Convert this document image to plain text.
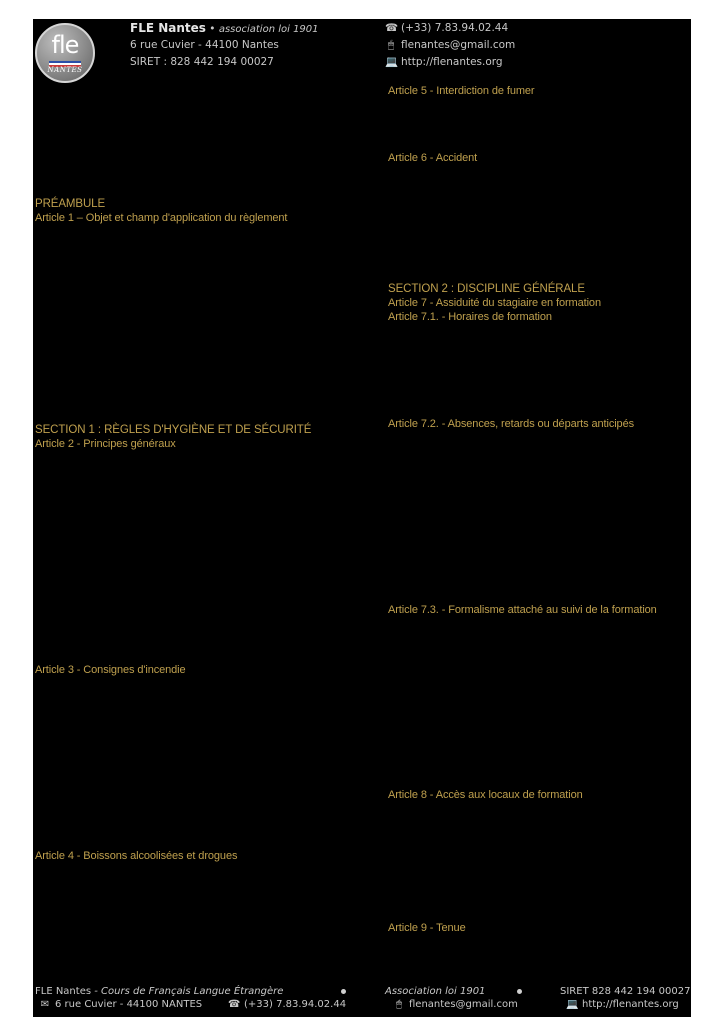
fle
NANTES
FLE Nantes • association loi 1901
6 rue Cuvier - 44100 Nantes
SIRET : 828 442 194 00027
☎ (+33) 7.83.94.02.44
🖱 flenantes@gmail.com
💻 http://flenantes.org
PRÉAMBULE
Article 1 – Objet et champ d'application du règlement
SECTION 1 : RÈGLES D'HYGIÈNE ET DE SÉCURITÉ
Article 2 - Principes généraux
Article 3 - Consignes d'incendie
Article 4 - Boissons alcoolisées et drogues
Article 5 - Interdiction de fumer
Article 6 - Accident
SECTION 2 : DISCIPLINE GÉNÉRALE
Article 7 - Assiduité du stagiaire en formation
Article 7.1. - Horaires de formation
Article 7.2. - Absences, retards ou départs anticipés
Article 7.3. - Formalisme attaché au suivi de la formation
Article 8 - Accès aux locaux de formation
Article 9 - Tenue
FLE Nantes - Cours de Français Langue Étrangère	Association loi 1901	SIRET 828 442 194 00027
✉ 6 rue Cuvier - 44100 NANTES	☎ (+33) 7.83.94.02.44	🖱 flenantes@gmail.com	💻 http://flenantes.org
